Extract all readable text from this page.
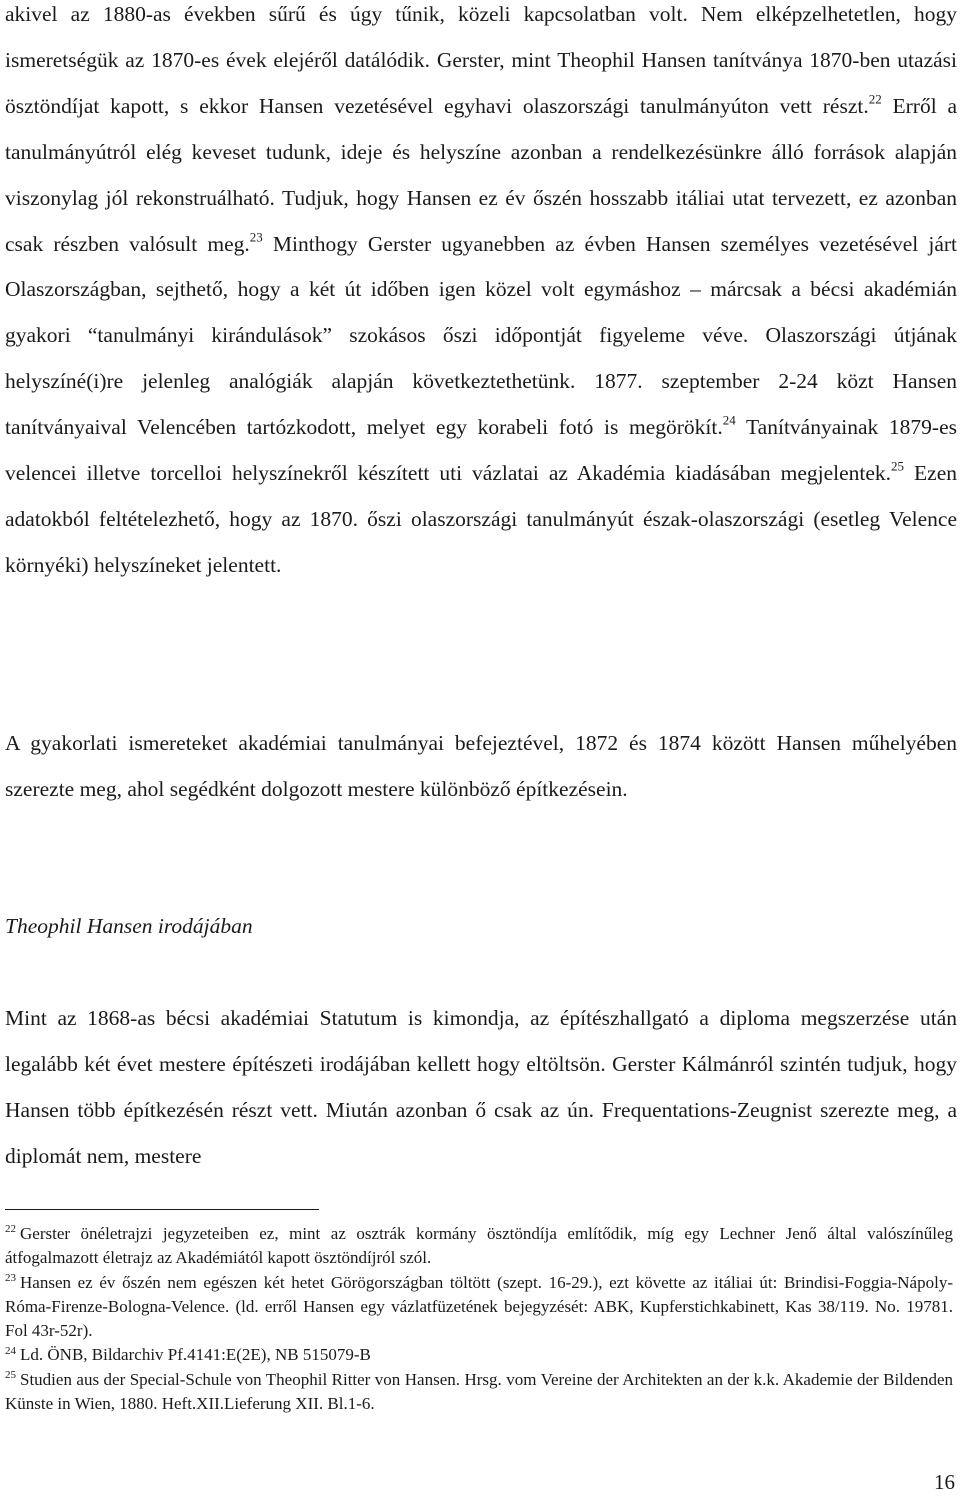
akivel az 1880-as években sűrű és úgy tűnik, közeli kapcsolatban volt. Nem elképzelhetetlen, hogy ismeretségük az 1870-es évek elejéről datálódik. Gerster, mint Theophil Hansen tanítványa 1870-ben utazási ösztöndíjat kapott, s ekkor Hansen vezetésével egyhavi olaszországi tanulmányúton vett részt.$^{22}$ Erről a tanulmányútról elég keveset tudunk, ideje és helyszíne azonban a rendelkezésünkre álló források alapján viszonylag jól rekonstruálható. Tudjuk, hogy Hansen ez év őszén hosszabb itáliai utat tervezett, ez azonban csak részben valósult meg.$^{23}$ Minthogy Gerster ugyanebben az évben Hansen személyes vezetésével járt Olaszországban, sejthető, hogy a két út időben igen közel volt egymáshoz – márcsak a bécsi akadémián gyakori “tanulmányi kirándulások” szokásos őszi időpontját figyeleme véve. Olaszországi útjának helyszíné(i)re jelenleg analógiák alapján következtethetünk. 1877. szeptember 2-24 közt Hansen tanítványaival Velencében tartózkodott, melyet egy korabeli fotó is megörökít.$^{24}$ Tanítványainak 1879-es velencei illetve torcelloi helyszínekről készített uti vázlatai az Akadémia kiadásában megjelentek.$^{25}$ Ezen adatokból feltételezhető, hogy az 1870. őszi olaszországi tanulmányút észak-olaszországi (esetleg Velence környéki) helyszíneket jelentett.

A gyakorlati ismereteket akadémiai tanulmányai befejeztével, 1872 és 1874 között Hansen műhelyében szerezte meg, ahol segédként dolgozott mestere különböző építkezésein.

Theophil Hansen irodájában

Mint az 1868-as bécsi akadémiai Statutum is kimondja, az építészhallgató a diploma megszerzése után legalább két évet mestere építészeti irodájában kellett hogy eltöltsön. Gerster Kálmánról szintén tudjuk, hogy Hansen több építkezésén részt vett. Miután azonban ő csak az ún. Frequentations-Zeugnist szerezte meg, a diplomát nem, mestere

$^{22}$ Gerster önéletrajzi jegyzeteiben ez, mint az osztrák kormány ösztöndíja említődik, míg egy Lechner Jenő által valószínűleg átfogalmazott életrajz az Akadémiától kapott ösztöndíjról szól.

$^{23}$ Hansen ez év őszén nem egészen két hetet Görögországban töltött (szept. 16-29.), ezt követte az itáliai út: Brindisi-Foggia-Nápoly-Róma-Firenze-Bologna-Velence. (ld. erről Hansen egy vázlatfüzetének bejegyzését: ABK, Kupferstichkabinett, Kas 38/119. No. 19781. Fol 43r-52r).

$^{24}$ Ld. ÖNB, Bildarchiv Pf.4141:E(2E), NB 515079-B

$^{25}$ Studien aus der Special-Schule von Theophil Ritter von Hansen. Hrsg. vom Vereine der Architekten an der k.k. Akademie der Bildenden Künste in Wien, 1880. Heft.XII.Lieferung XII. Bl.1-6.

16
